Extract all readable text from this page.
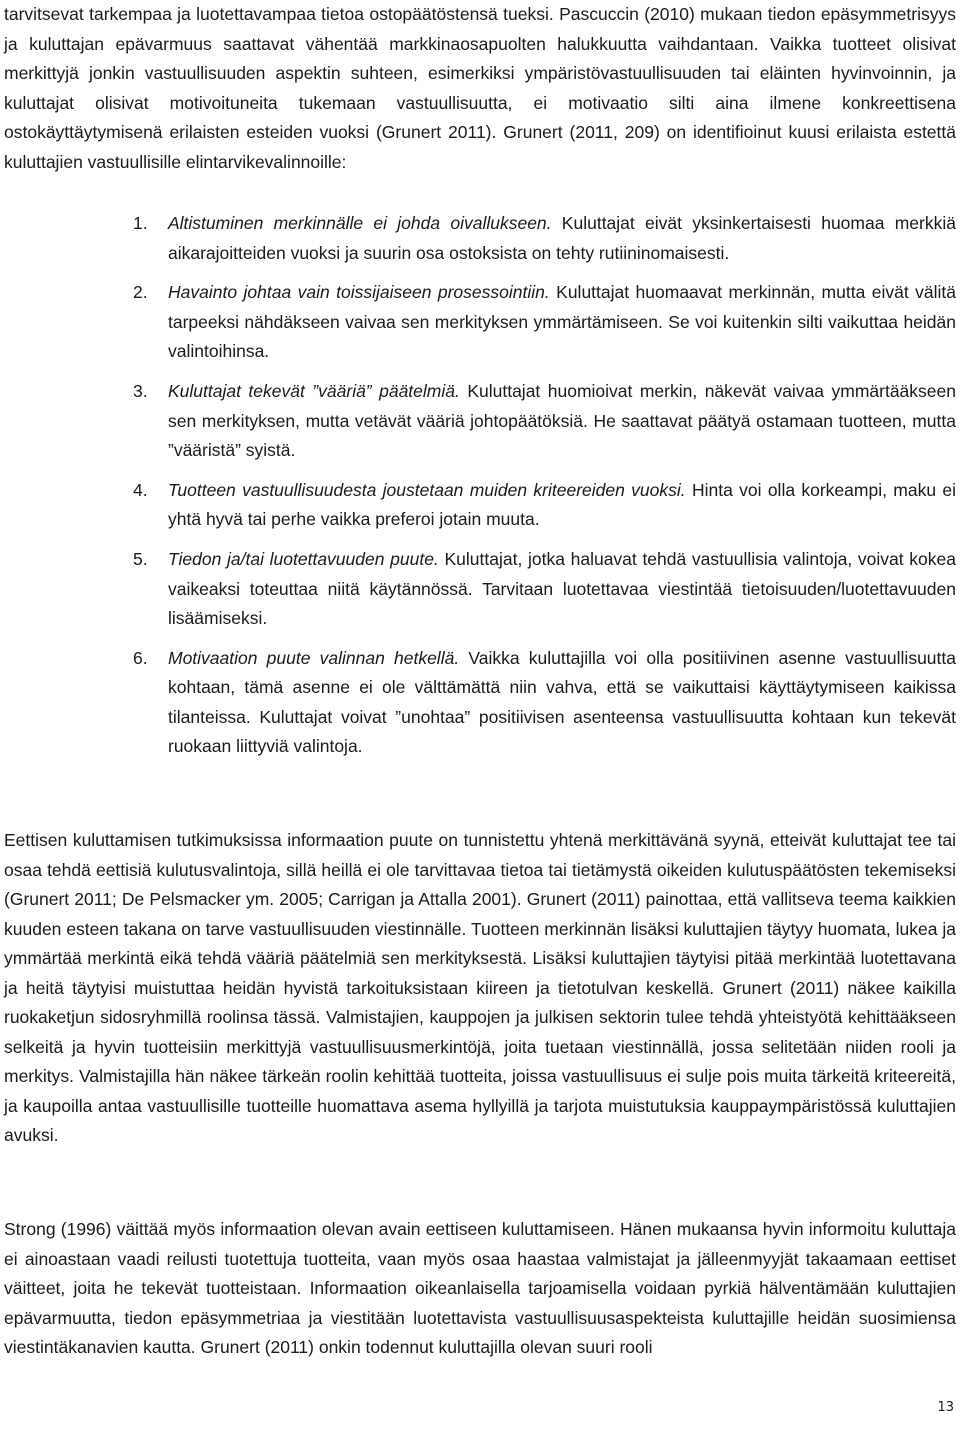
tarvitsevat tarkempaa ja luotettavampaa tietoa ostopäätöstensä tueksi. Pascuccin (2010) mukaan tiedon epäsymmetrisyys ja kuluttajan epävarmuus saattavat vähentää markkinaosapuolten halukkuutta vaihdantaan. Vaikka tuotteet olisivat merkittyjä jonkin vastuullisuuden aspektin suhteen, esimerkiksi ympäristövastuullisuuden tai eläinten hyvinvoinnin, ja kuluttajat olisivat motivoituneita tukemaan vastuullisuutta, ei motivaatio silti aina ilmene konkreettisena ostokäyttäytymisenä erilaisten esteiden vuoksi (Grunert 2011). Grunert (2011, 209) on identifioinut kuusi erilaista estettä kuluttajien vastuullisille elintarvikevalinnoille:

1. Altistuminen merkinnälle ei johda oivallukseen. Kuluttajat eivät yksinkertaisesti huomaa merkkiä aikarajoitteiden vuoksi ja suurin osa ostoksista on tehty rutiininomaisesti.
2. Havainto johtaa vain toissijaiseen prosessointiin. Kuluttajat huomaavat merkinnän, mutta eivät välitä tarpeeksi nähdäkseen vaivaa sen merkityksen ymmärtämiseen. Se voi kuitenkin silti vaikuttaa heidän valintoihinsa.
3. Kuluttajat tekevät ”vääriä” päätelmiä. Kuluttajat huomioivat merkin, näkevät vaivaa ymmärtääkseen sen merkityksen, mutta vetävät vääriä johtopäätöksiä. He saattavat päätyä ostamaan tuotteen, mutta ”vääristä” syistä.
4. Tuotteen vastuullisuudesta joustetaan muiden kriteereiden vuoksi. Hinta voi olla korkeampi, maku ei yhtä hyvä tai perhe vaikka preferoi jotain muuta.
5. Tiedon ja/tai luotettavuuden puute. Kuluttajat, jotka haluavat tehdä vastuullisia valintoja, voivat kokea vaikeaksi toteuttaa niitä käytännössä. Tarvitaan luotettavaa viestintää tietoisuuden/luotettavuuden lisäämiseksi.
6. Motivaation puute valinnan hetkellä. Vaikka kuluttajilla voi olla positiivinen asenne vastuullisuutta kohtaan, tämä asenne ei ole välttämättä niin vahva, että se vaikuttaisi käyttäytymiseen kaikissa tilanteissa. Kuluttajat voivat ”unohtaa” positiivisen asenteensa vastuullisuutta kohtaan kun tekevät ruokaan liittyviä valintoja.

Eettisen kuluttamisen tutkimuksissa informaation puute on tunnistettu yhtenä merkittävänä syynä, etteivät kuluttajat tee tai osaa tehdä eettisiä kulutusvalintoja, sillä heillä ei ole tarvittavaa tietoa tai tietämystä oikeiden kulutuspäätösten tekemiseksi (Grunert 2011; De Pelsmacker ym. 2005; Carrigan ja Attalla 2001). Grunert (2011) painottaa, että vallitseva teema kaikkien kuuden esteen takana on tarve vastuullisuuden viestinnälle. Tuotteen merkinnän lisäksi kuluttajien täytyy huomata, lukea ja ymmärtää merkintä eikä tehdä vääriä päätelmiä sen merkityksestä. Lisäksi kuluttajien täytyisi pitää merkintää luotettavana ja heitä täytyisi muistuttaa heidän hyvistä tarkoituksistaan kiireen ja tietotulvan keskellä. Grunert (2011) näkee kaikilla ruokaketjun sidosryhmillä roolinsa tässä. Valmistajien, kauppojen ja julkisen sektorin tulee tehdä yhteistyötä kehittääkseen selkeitä ja hyvin tuotteisiin merkittyjä vastuullisuusmerkintöjä, joita tuetaan viestinnällä, jossa selitetään niiden rooli ja merkitys. Valmistajilla hän näkee tärkeän roolin kehittää tuotteita, joissa vastuullisuus ei sulje pois muita tärkeitä kriteereitä, ja kaupoilla antaa vastuullisille tuotteille huomattava asema hyllyillä ja tarjota muistutuksia kauppaympäristössä kuluttajien avuksi.

Strong (1996) väittää myös informaation olevan avain eettiseen kuluttamiseen. Hänen mukaansa hyvin informoitu kuluttaja ei ainoastaan vaadi reilusti tuotettuja tuotteita, vaan myös osaa haastaa valmistajat ja jälleenmyyjät takaamaan eettiset väitteet, joita he tekevät tuotteistaan. Informaation oikeanlaisella tarjoamisella voidaan pyrkiä hälventämään kuluttajien epävarmuutta, tiedon epäsymmetriaa ja viestitään luotettavista vastuullisuusaspekteista kuluttajille heidän suosimiensa viestintäkanavien kautta. Grunert (2011) onkin todennut kuluttajilla olevan suuri rooli

13
